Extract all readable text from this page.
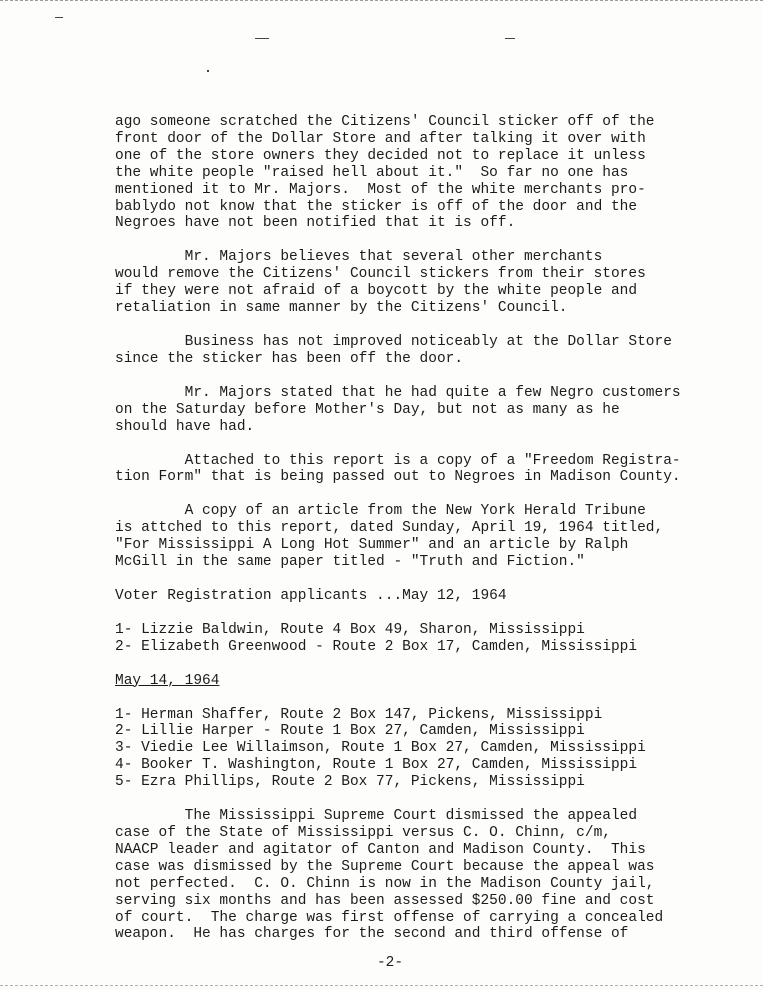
ago someone scratched the Citizens' Council sticker off of the

front door of the Dollar Store and after talking it over with

one of the store owners they decided not to replace it unless

the white people "raised hell about it."  So far no one has

mentioned it to Mr. Majors.  Most of the white merchants pro-

bablydo not know that the sticker is off of the door and the

Negroes have not been notified that it is off.

Mr. Majors believes that several other merchants

would remove the Citizens' Council stickers from their stores

if they were not afraid of a boycott by the white people and

retaliation in same manner by the Citizens' Council.

Business has not improved noticeably at the Dollar Store

since the sticker has been off the door.

Mr. Majors stated that he had quite a few Negro customers

on the Saturday before Mother's Day, but not as many as he

should have had.

Attached to this report is a copy of a "Freedom Registra-

tion Form" that is being passed out to Negroes in Madison County.

A copy of an article from the New York Herald Tribune

is attched to this report, dated Sunday, April 19, 1964 titled,

"For Mississippi A Long Hot Summer" and an article by Ralph

McGill in the same paper titled - "Truth and Fiction."

Voter Registration applicants ...May 12, 1964

1- Lizzie Baldwin, Route 4 Box 49, Sharon, Mississippi

2- Elizabeth Greenwood - Route 2 Box 17, Camden, Mississippi

May 14, 1964

1- Herman Shaffer, Route 2 Box 147, Pickens, Mississippi

2- Lillie Harper - Route 1 Box 27, Camden, Mississippi

3- Viedie Lee Willaimson, Route 1 Box 27, Camden, Mississippi

4- Booker T. Washington, Route 1 Box 27, Camden, Mississippi

5- Ezra Phillips, Route 2 Box 77, Pickens, Mississippi

The Mississippi Supreme Court dismissed the appealed

case of the State of Mississippi versus C. O. Chinn, c/m,

NAACP leader and agitator of Canton and Madison County.  This

case was dismissed by the Supreme Court because the appeal was

not perfected.  C. O. Chinn is now in the Madison County jail,

serving six months and has been assessed $250.00 fine and cost

of court.  The charge was first offense of carrying a concealed

weapon.  He has charges for the second and third offense of

-2-
